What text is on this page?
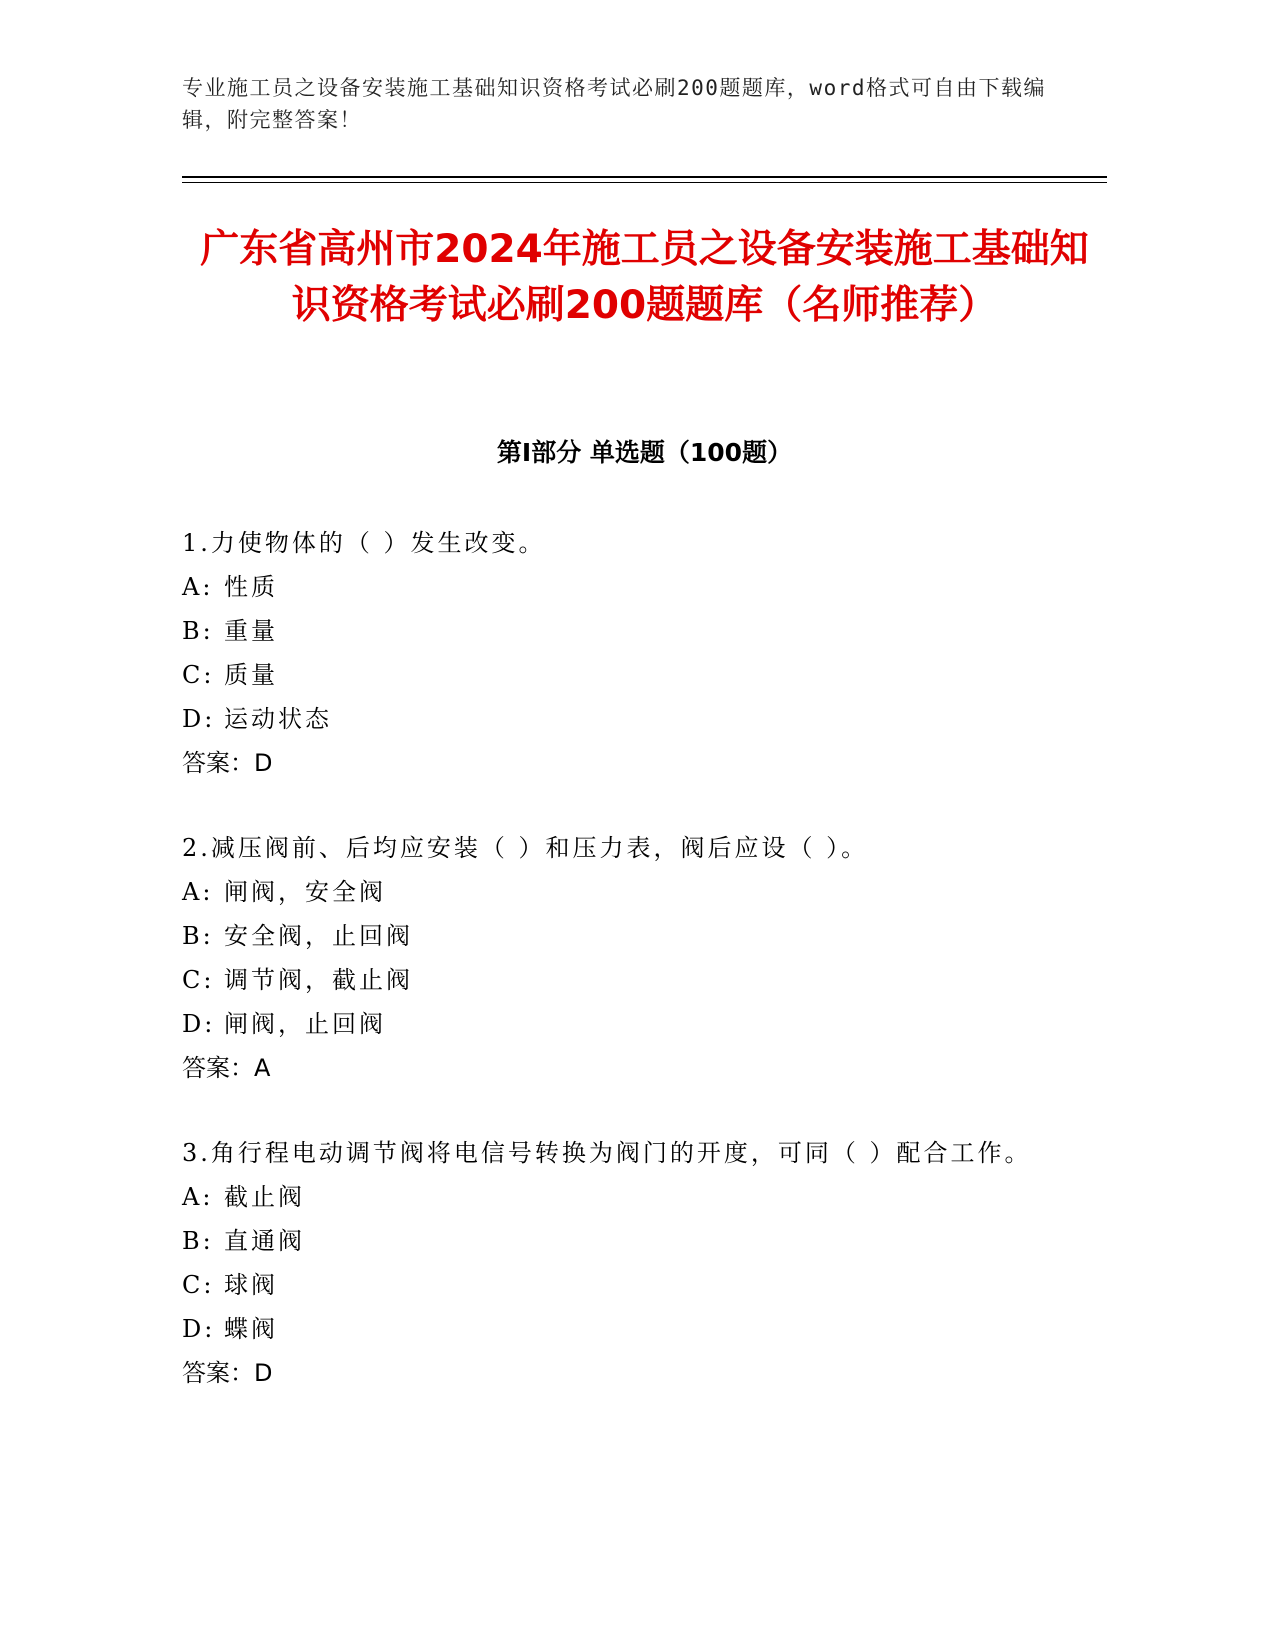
专业施工员之设备安装施工基础知识资格考试必刷200题题库，word格式可自由下载编辑，附完整答案！
广东省高州市2024年施工员之设备安装施工基础知识资格考试必刷200题题库（名师推荐）
第I部分 单选题（100题）
1.力使物体的（ ）发生改变。
A: 性质
B: 重量
C: 质量
D: 运动状态
答案：D
2.减压阀前、后均应安装（ ）和压力表，阀后应设（ ）。
A: 闸阀，安全阀
B: 安全阀，止回阀
C: 调节阀，截止阀
D: 闸阀，止回阀
答案：A
3.角行程电动调节阀将电信号转换为阀门的开度，可同（ ）配合工作。
A: 截止阀
B: 直通阀
C: 球阀
D: 蝶阀
答案：D
